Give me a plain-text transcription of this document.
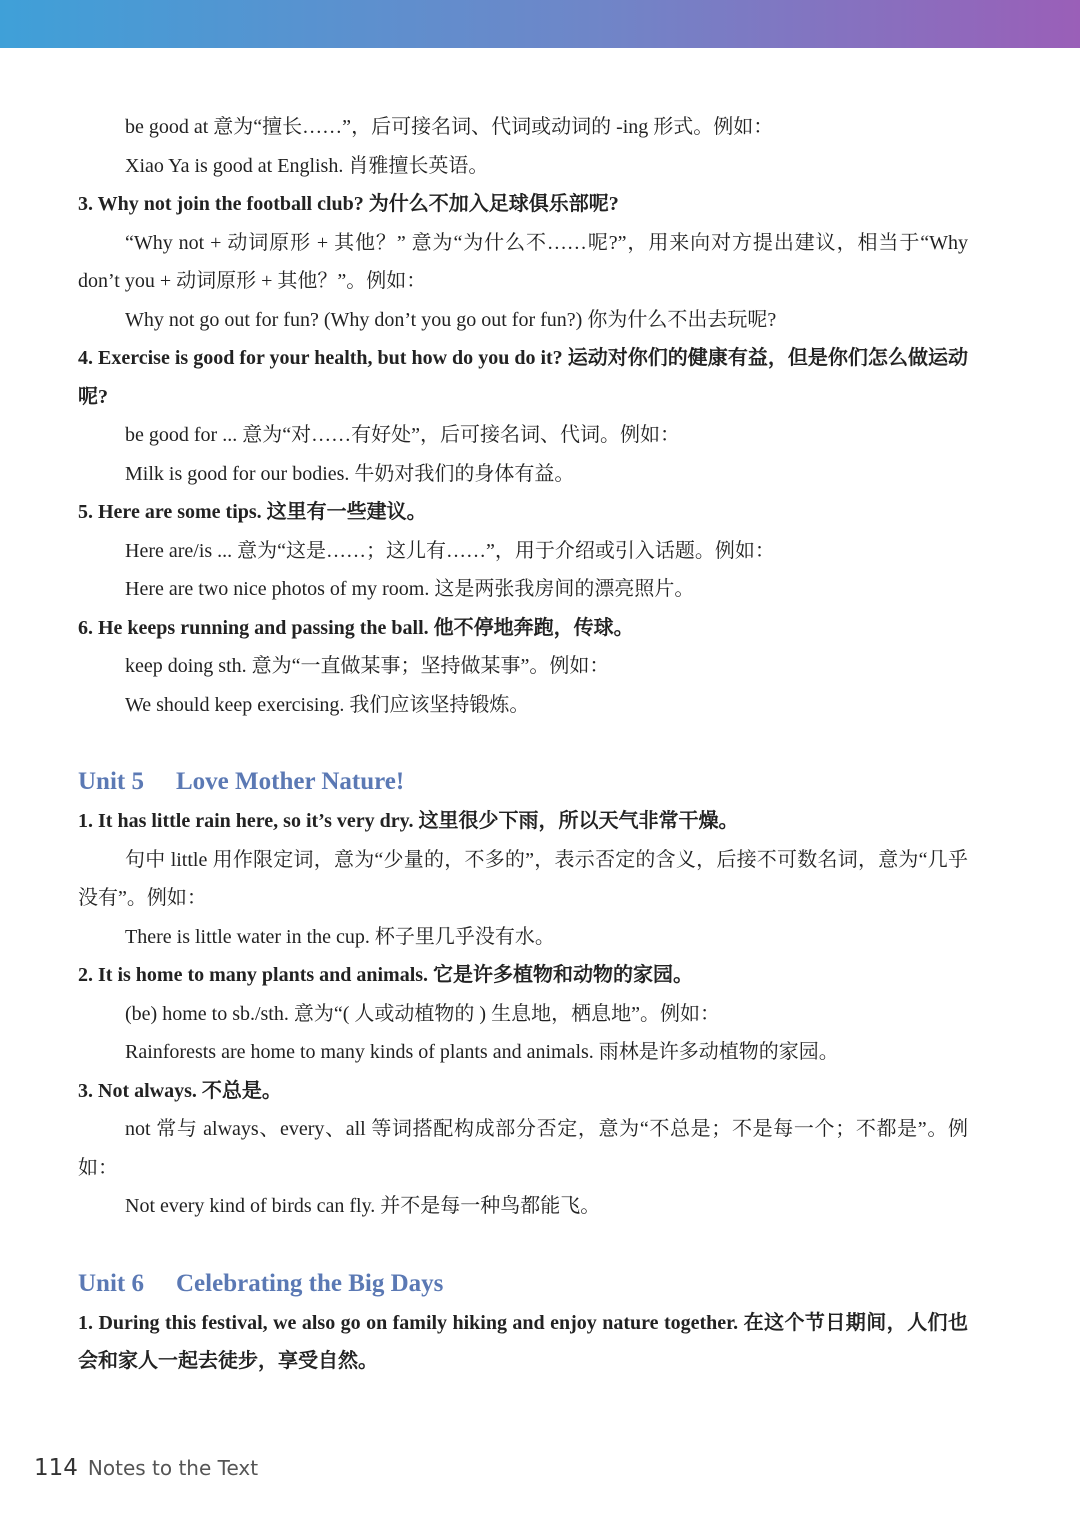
be good at 意为“擅长……”，后可接名词、代词或动词的 -ing 形式。例如：

Xiao Ya is good at English. 肖雅擅长英语。

3. Why not join the football club? 为什么不加入足球俱乐部呢?

“Why not + 动词原形 + 其他？” 意为“为什么不……呢?”，用来向对方提出建议，相当于“Why don’t you + 动词原形 + 其他？”。例如：

Why not go out for fun? (Why don’t you go out for fun?) 你为什么不出去玩呢?

4. Exercise is good for your health, but how do you do it? 运动对你们的健康有益，但是你们怎么做运动呢?

be good for ... 意为“对……有好处”，后可接名词、代词。例如：

Milk is good for our bodies. 牛奶对我们的身体有益。

5. Here are some tips. 这里有一些建议。

Here are/is ... 意为“这是……；这儿有……”，用于介绍或引入话题。例如：

Here are two nice photos of my room. 这是两张我房间的漂亮照片。

6. He keeps running and passing the ball. 他不停地奔跑，传球。

keep doing sth. 意为“一直做某事；坚持做某事”。例如：

We should keep exercising. 我们应该坚持锻炼。

Unit 5 Love Mother Nature!

1. It has little rain here, so it’s very dry. 这里很少下雨，所以天气非常干燥。

句中 little 用作限定词，意为“少量的，不多的”，表示否定的含义，后接不可数名词，意为“几乎没有”。例如：

There is little water in the cup. 杯子里几乎没有水。

2. It is home to many plants and animals. 它是许多植物和动物的家园。

(be) home to sb./sth. 意为“( 人或动植物的 ) 生息地，栖息地”。例如：

Rainforests are home to many kinds of plants and animals. 雨林是许多动植物的家园。

3. Not always. 不总是。

not 常与 always、every、all 等词搭配构成部分否定，意为“不总是；不是每一个；不都是”。例如：

Not every kind of birds can fly. 并不是每一种鸟都能飞。

Unit 6 Celebrating the Big Days

1. During this festival, we also go on family hiking and enjoy nature together. 在这个节日期间，人们也会和家人一起去徒步，享受自然。

114 Notes to the Text
